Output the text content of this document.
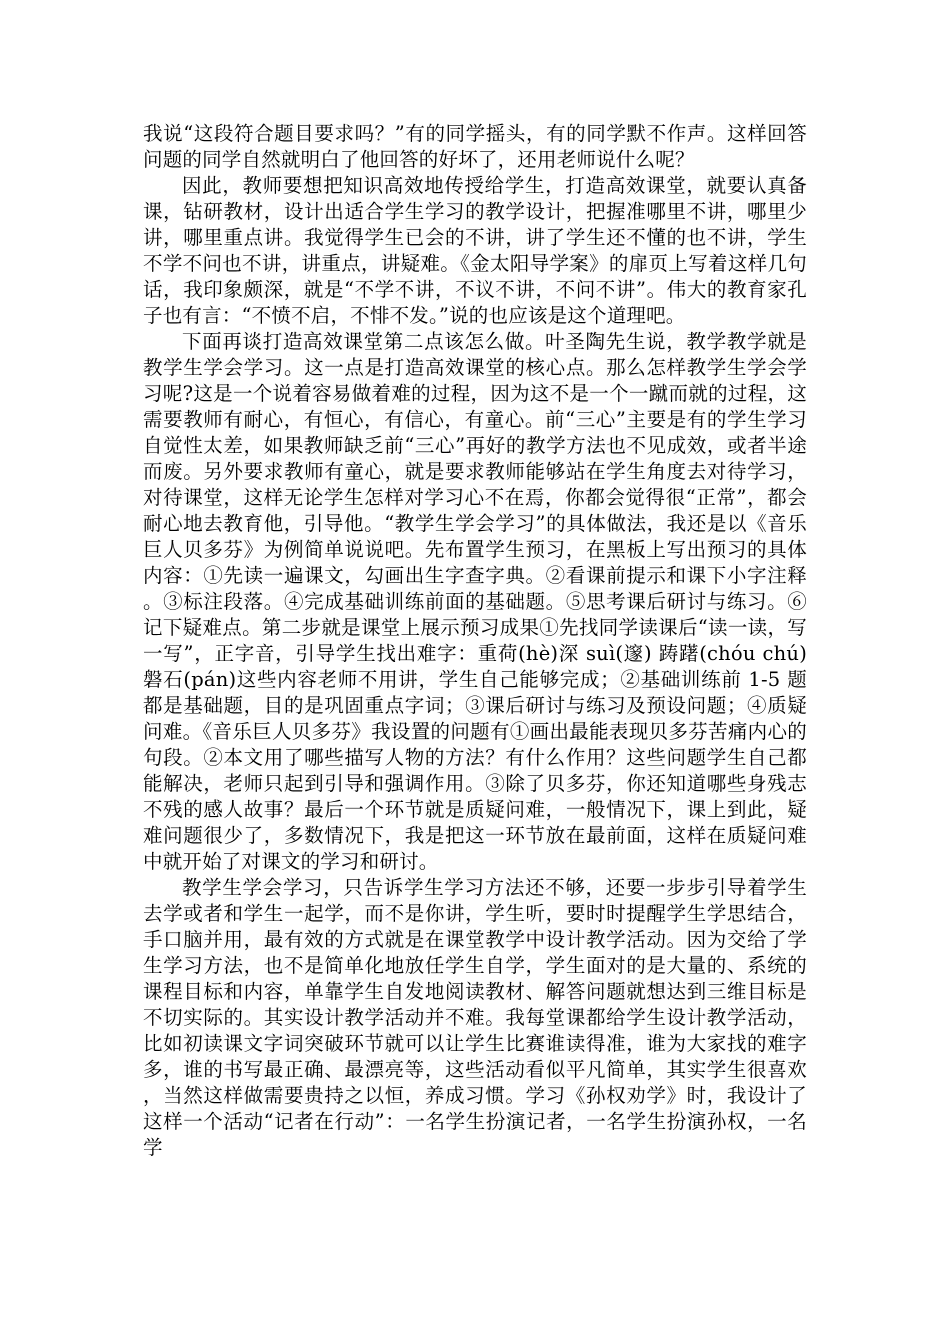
我说“这段符合题目要求吗？”有的同学摇头，有的同学默不作声。这样回答问题的同学自然就明白了他回答的好坏了，还用老师说什么呢？

因此，教师要想把知识高效地传授给学生，打造高效课堂，就要认真备课，钻研教材，设计出适合学生学习的教学设计，把握准哪里不讲，哪里少讲，哪里重点讲。我觉得学生已会的不讲，讲了学生还不懂的也不讲，学生不学不问也不讲，讲重点，讲疑难。《金太阳导学案》的扉页上写着这样几句话，我印象颇深，就是“不学不讲，不议不讲，不问不讲”。伟大的教育家孔子也有言：“不愤不启，不悱不发。”说的也应该是这个道理吧。

下面再谈打造高效课堂第二点该怎么做。叶圣陶先生说，教学教学就是教学生学会学习。这一点是打造高效课堂的核心点。那么怎样教学生学会学习呢?这是一个说着容易做着难的过程，因为这不是一个一蹴而就的过程，这需要教师有耐心，有恒心，有信心，有童心。前“三心”主要是有的学生学习自觉性太差，如果教师缺乏前“三心”再好的教学方法也不见成效，或者半途而废。另外要求教师有童心，就是要求教师能够站在学生角度去对待学习，对待课堂，这样无论学生怎样对学习心不在焉，你都会觉得很“正常”，都会耐心地去教育他，引导他。“教学生学会学习”的具体做法，我还是以《音乐巨人贝多芬》为例简单说说吧。先布置学生预习，在黑板上写出预习的具体内容：①先读一遍课文，勾画出生字查字典。②看课前提示和课下小字注释。③标注段落。④完成基础训练前面的基础题。⑤思考课后研讨与练习。⑥记下疑难点。第二步就是课堂上展示预习成果①先找同学读课后“读一读，写一写”，正字音，引导学生找出难字：重荷(hè)深 suì(邃) 踌躇(chóu chú)磐石(pán)这些内容老师不用讲，学生自己能够完成；②基础训练前 1-5 题都是基础题，目的是巩固重点字词；③课后研讨与练习及预设问题；④质疑问难。《音乐巨人贝多芬》我设置的问题有①画出最能表现贝多芬苦痛内心的句段。②本文用了哪些描写人物的方法？有什么作用？这些问题学生自己都能解决，老师只起到引导和强调作用。③除了贝多芬，你还知道哪些身残志不残的感人故事？最后一个环节就是质疑问难，一般情况下，课上到此，疑难问题很少了，多数情况下，我是把这一环节放在最前面，这样在质疑问难中就开始了对课文的学习和研讨。

教学生学会学习，只告诉学生学习方法还不够，还要一步步引导着学生去学或者和学生一起学，而不是你讲，学生听，要时时提醒学生学思结合，手口脑并用，最有效的方式就是在课堂教学中设计教学活动。因为交给了学生学习方法，也不是简单化地放任学生自学，学生面对的是大量的、系统的课程目标和内容，单靠学生自发地阅读教材、解答问题就想达到三维目标是不切实际的。其实设计教学活动并不难。我每堂课都给学生设计教学活动，比如初读课文字词突破环节就可以让学生比赛谁读得准，谁为大家找的难字多，谁的书写最正确、最漂亮等，这些活动看似平凡简单，其实学生很喜欢，当然这样做需要贵持之以恒，养成习惯。学习《孙权劝学》时，我设计了这样一个活动“记者在行动”：一名学生扮演记者，一名学生扮演孙权，一名学
